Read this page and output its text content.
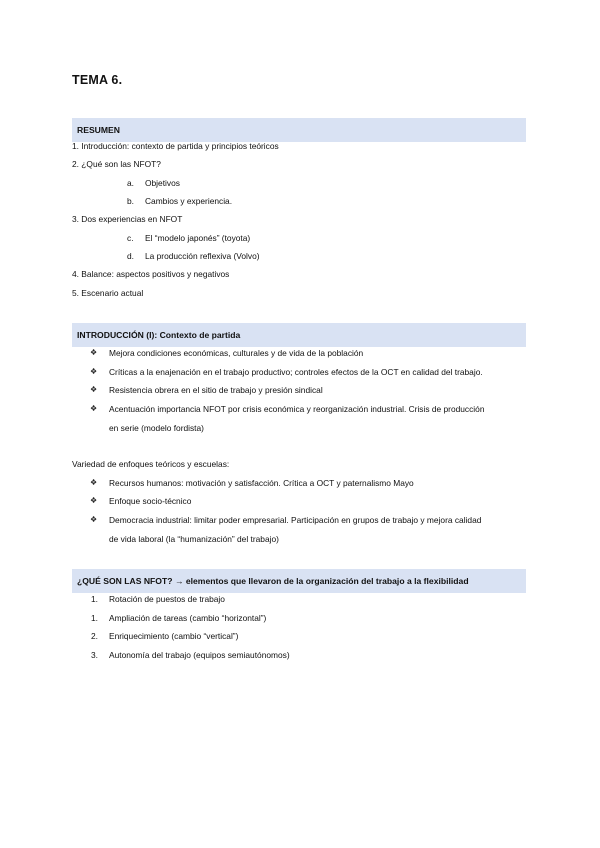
TEMA 6.
RESUMEN
1. Introducción: contexto de partida y principios teóricos
2. ¿Qué son las NFOT?
a. Objetivos
b. Cambios y experiencia.
3. Dos experiencias en NFOT
c. El “modelo japonés” (toyota)
d. La producción reflexiva (Volvo)
4. Balance: aspectos positivos y negativos
5. Escenario actual
INTRODUCCIÓN (I): Contexto de partida
❖ Mejora condiciones económicas, culturales y de vida de la población
❖ Críticas a la enajenación en el trabajo productivo; controles efectos de la OCT en calidad del trabajo.
❖ Resistencia obrera en el sitio de trabajo y presión sindical
❖ Acentuación importancia NFOT por crisis económica y reorganización industrial. Crisis de producción
en serie (modelo fordista)
Variedad de enfoques teóricos y escuelas:
❖ Recursos humanos: motivación y satisfacción. Crítica a OCT y paternalismo Mayo
❖ Enfoque socio-técnico
❖ Democracia industrial: limitar poder empresarial. Participación en grupos de trabajo y mejora calidad
de vida laboral (la “humanización” del trabajo)
¿QUÉ SON LAS NFOT? → elementos que llevaron de la organización del trabajo a la flexibilidad
1. Rotación de puestos de trabajo
1. Ampliación de tareas (cambio “horizontal”)
2. Enriquecimiento (cambio “vertical”)
3. Autonomía del trabajo (equipos semiautónomos)
